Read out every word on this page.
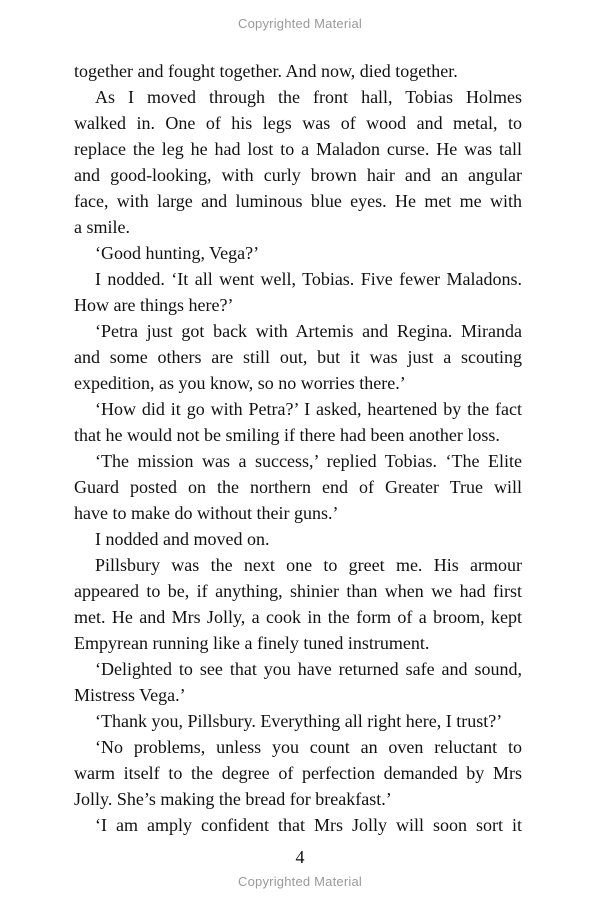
Copyrighted Material
together and fought together. And now, died together.
As I moved through the front hall, Tobias Holmes
walked in. One of his legs was of wood and metal, to
replace the leg he had lost to a Maladon curse. He was tall
and good-looking, with curly brown hair and an angular
face, with large and luminous blue eyes. He met me with
a smile.
‘Good hunting, Vega?’
I nodded. ‘It all went well, Tobias. Five fewer Maladons.
How are things here?’
‘Petra just got back with Artemis and Regina. Miranda
and some others are still out, but it was just a scouting
expedition, as you know, so no worries there.’
‘How did it go with Petra?’ I asked, heartened by the fact
that he would not be smiling if there had been another loss.
‘The mission was a success,’ replied Tobias. ‘The Elite
Guard posted on the northern end of Greater True will
have to make do without their guns.’
I nodded and moved on.
Pillsbury was the next one to greet me. His armour
appeared to be, if anything, shinier than when we had first
met. He and Mrs Jolly, a cook in the form of a broom, kept
Empyrean running like a finely tuned instrument.
‘Delighted to see that you have returned safe and sound,
Mistress Vega.’
‘Thank you, Pillsbury. Everything all right here, I trust?’
‘No problems, unless you count an oven reluctant to
warm itself to the degree of perfection demanded by Mrs
Jolly. She’s making the bread for breakfast.’
‘I am amply confident that Mrs Jolly will soon sort it
4
Copyrighted Material
